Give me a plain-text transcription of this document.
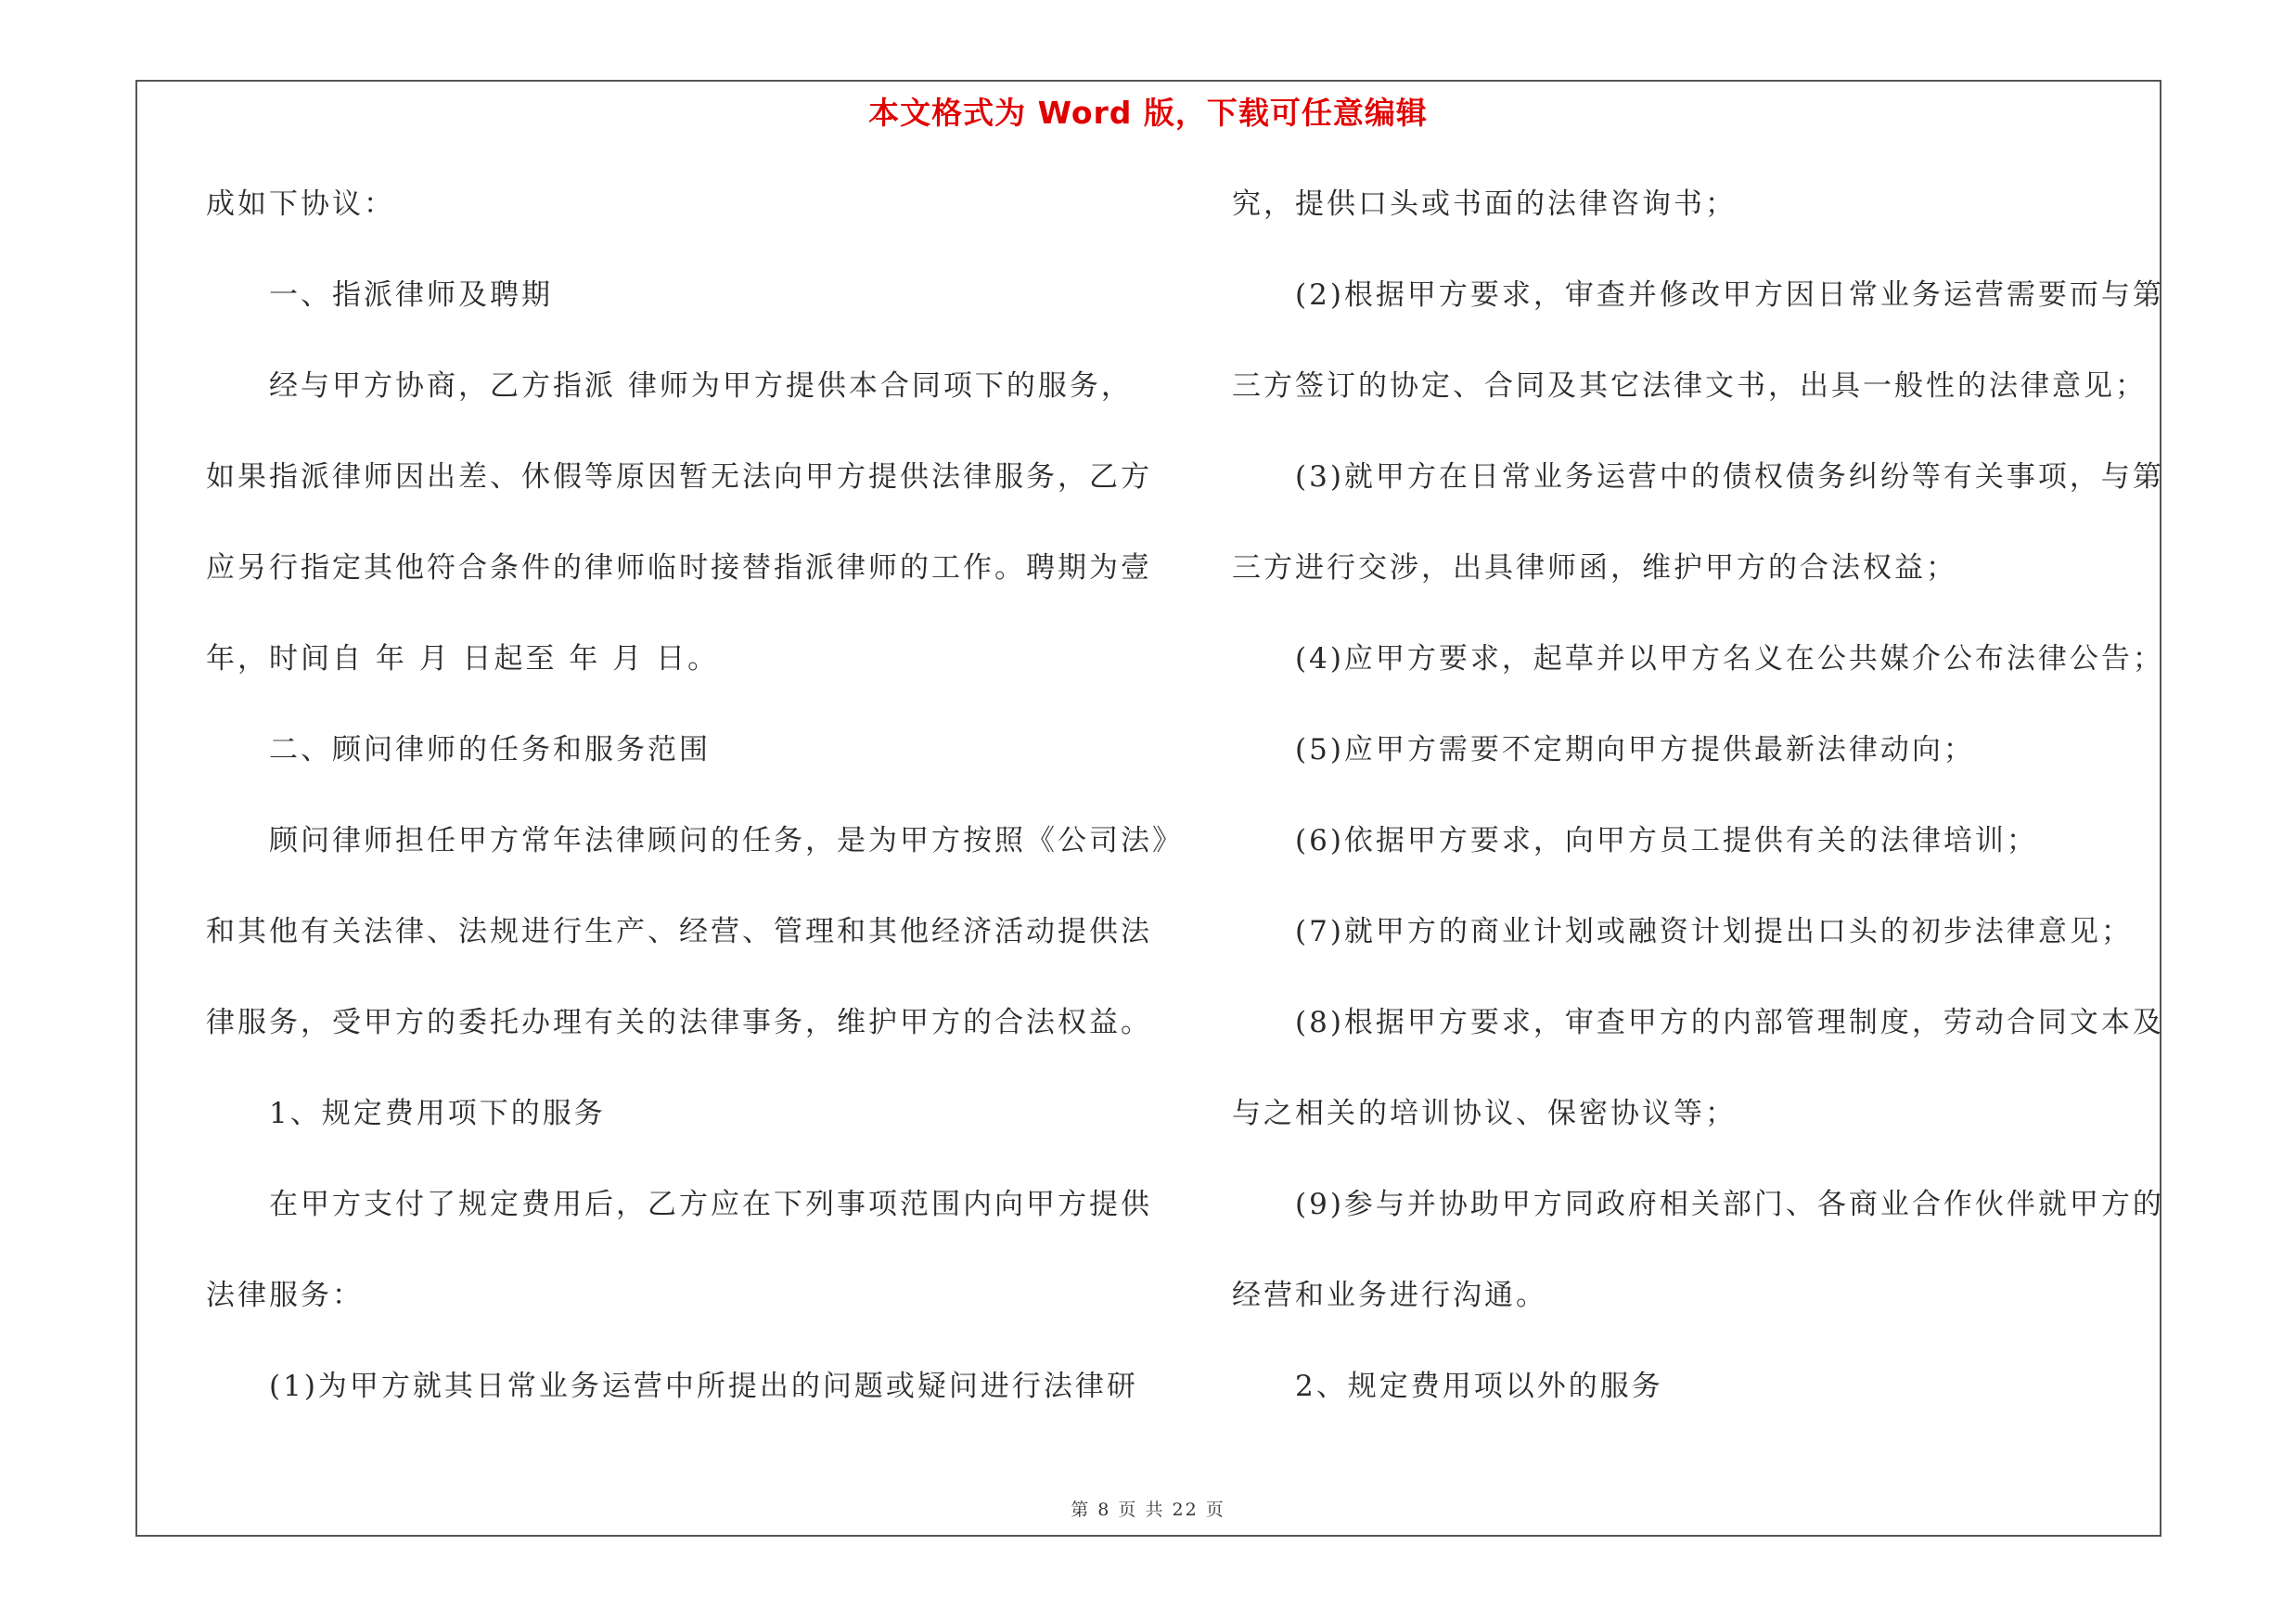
本文格式为 Word 版，下载可任意编辑
成如下协议：
　　一、指派律师及聘期
　　经与甲方协商，乙方指派 律师为甲方提供本合同项下的服务，
如果指派律师因出差、休假等原因暂无法向甲方提供法律服务，乙方
应另行指定其他符合条件的律师临时接替指派律师的工作。聘期为壹
年，时间自 年 月 日起至 年 月 日。
　　二、顾问律师的任务和服务范围
　　顾问律师担任甲方常年法律顾问的任务，是为甲方按照《公司法》
和其他有关法律、法规进行生产、经营、管理和其他经济活动提供法
律服务，受甲方的委托办理有关的法律事务，维护甲方的合法权益。
　　1、规定费用项下的服务
　　在甲方支付了规定费用后，乙方应在下列事项范围内向甲方提供
法律服务：
　　(1)为甲方就其日常业务运营中所提出的问题或疑问进行法律研
究，提供口头或书面的法律咨询书；
　　(2)根据甲方要求，审查并修改甲方因日常业务运营需要而与第
三方签订的协定、合同及其它法律文书，出具一般性的法律意见；
　　(3)就甲方在日常业务运营中的债权债务纠纷等有关事项，与第
三方进行交涉，出具律师函，维护甲方的合法权益；
　　(4)应甲方要求，起草并以甲方名义在公共媒介公布法律公告；
　　(5)应甲方需要不定期向甲方提供最新法律动向；
　　(6)依据甲方要求，向甲方员工提供有关的法律培训；
　　(7)就甲方的商业计划或融资计划提出口头的初步法律意见；
　　(8)根据甲方要求，审查甲方的内部管理制度，劳动合同文本及
与之相关的培训协议、保密协议等；
　　(9)参与并协助甲方同政府相关部门、各商业合作伙伴就甲方的
经营和业务进行沟通。
　　2、规定费用项以外的服务
第 8 页 共 22 页
